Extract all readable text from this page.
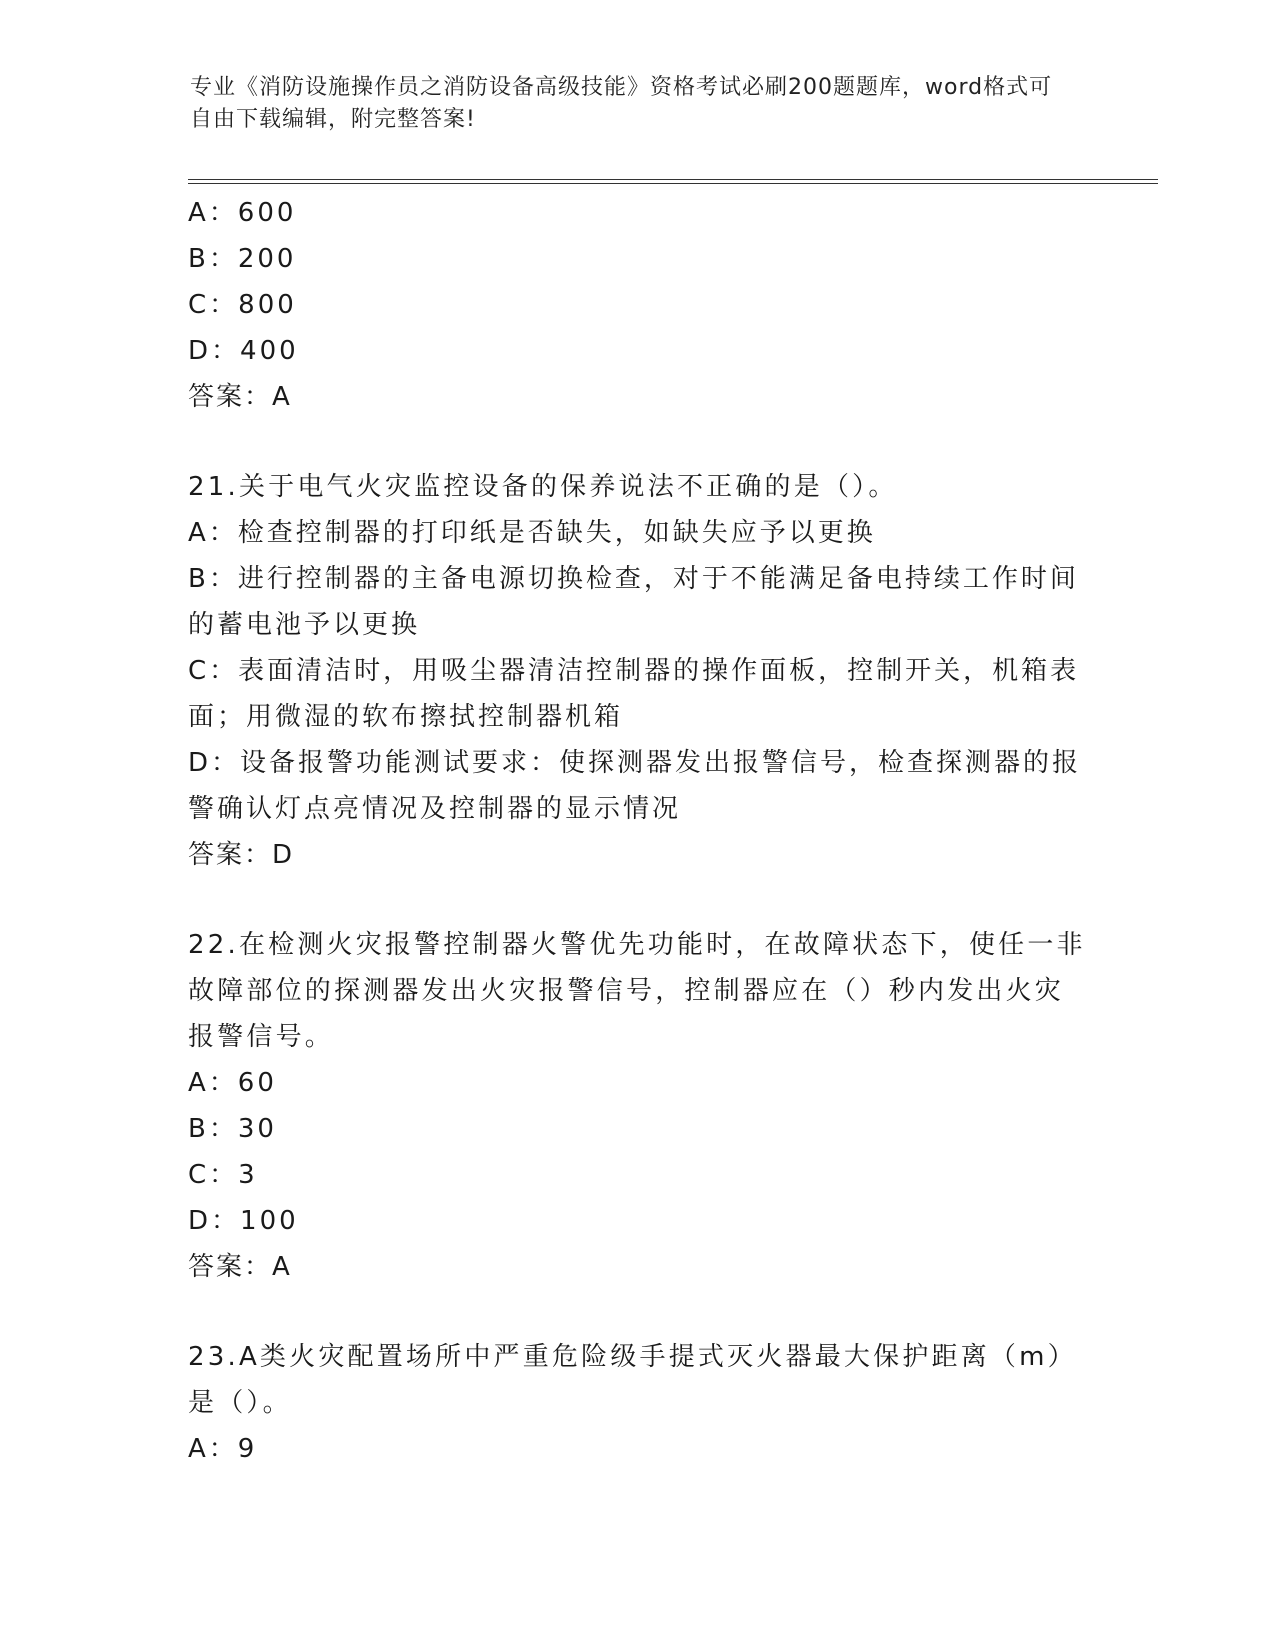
专业《消防设施操作员之消防设备高级技能》资格考试必刷200题题库，word格式可自由下载编辑，附完整答案!

A：600

B：200

C：800

D：400

答案：A

21.关于电气火灾监控设备的保养说法不正确的是（）。

A：检查控制器的打印纸是否缺失，如缺失应予以更换

B：进行控制器的主备电源切换检查，对于不能满足备电持续工作时间的蓄电池予以更换

C：表面清洁时，用吸尘器清洁控制器的操作面板，控制开关，机箱表面；用微湿的软布擦拭控制器机箱

D：设备报警功能测试要求：使探测器发出报警信号，检查探测器的报警确认灯点亮情况及控制器的显示情况

答案：D

22.在检测火灾报警控制器火警优先功能时，在故障状态下，使任一非故障部位的探测器发出火灾报警信号，控制器应在（）秒内发出火灾报警信号。

A：60

B：30

C：3

D：100

答案：A

23.A类火灾配置场所中严重危险级手提式灭火器最大保护距离（m）是（）。

A：9
